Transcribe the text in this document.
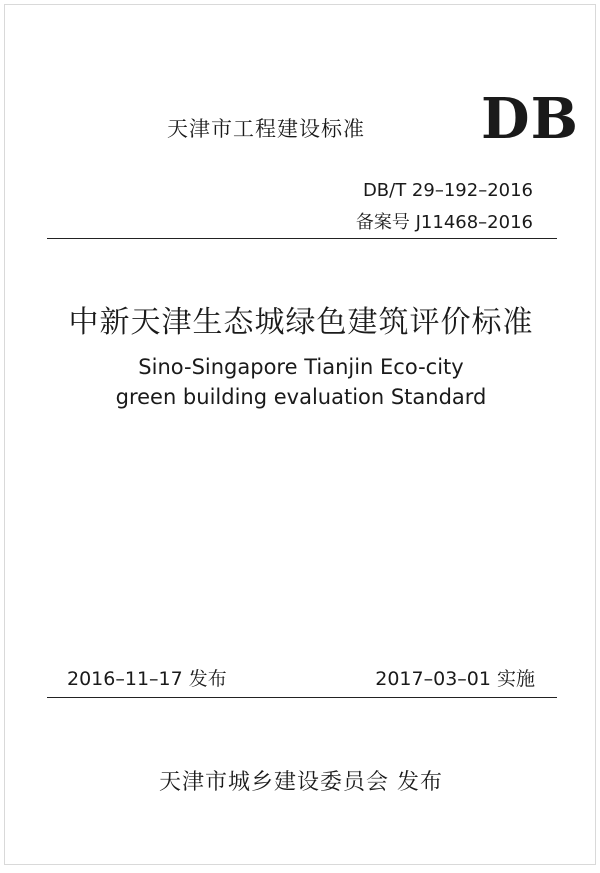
天津市工程建设标准 DB
DB/T 29–192–2016
备案号 J11468–2016
中新天津生态城绿色建筑评价标准
Sino-Singapore Tianjin Eco-city
green building evaluation Standard
2016–11–17 发布	2017–03–01 实施
天津市城乡建设委员会 发布
